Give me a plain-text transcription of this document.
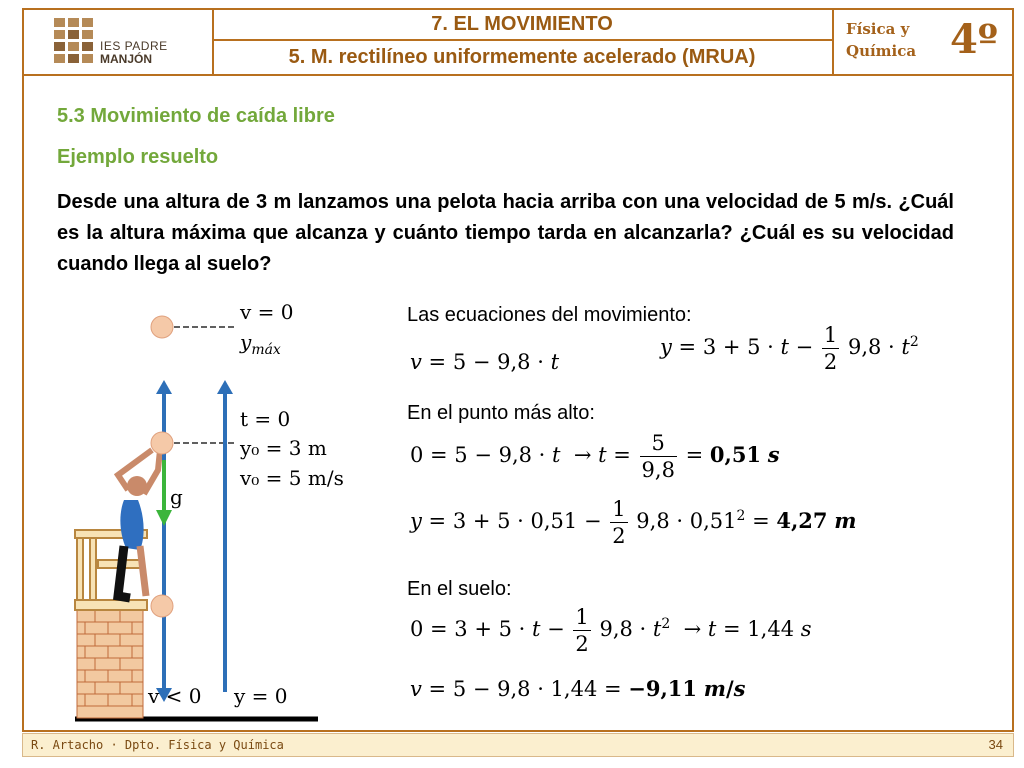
IES PADRE
MANJÓN
7. EL MOVIMIENTO
5. M. rectilíneo uniformemente acelerado (MRUA)
Física y
Química 4º
5.3 Movimiento de caída libre
Ejemplo resuelto
Desde una altura de 3 m lanzamos una pelota hacia arriba con una velocidad de 5 m/s. ¿Cuál es la altura máxima que alcanza y cuánto tiempo tarda en alcanzarla? ¿Cuál es su velocidad cuando llega al suelo?
v = 0
$y_{máx}$
t = 0
y₀ = 3 m
v₀ = 5 m/s
g
v < 0 y = 0
Las ecuaciones del movimiento:
v = 5 − 9,8 · t
$y = 3 + 5 \cdot t - \frac{1}{2} 9,8 \cdot t^2$
En el punto más alto:
$0 = 5 - 9,8 \cdot t \to t = \frac{5}{9,8} = 0,51$ s
$y = 3 + 5 \cdot 0,51 - \frac{1}{2} 9,8 \cdot 0,51^2 = 4,27$ m
En el suelo:
$0 = 3 + 5 \cdot t - \frac{1}{2} 9,8 \cdot t^2 \to t = 1,44$ s
v = 5 − 9,8 · 1,44 = −9,11 m/s
R. Artacho · Dpto. Física y Química	34
